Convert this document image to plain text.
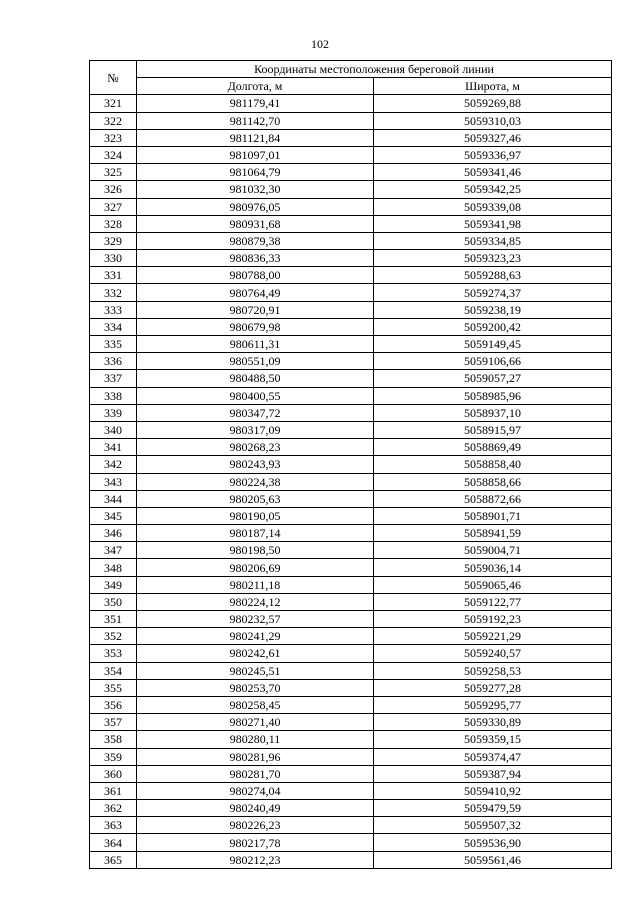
102
№	Координаты местоположения береговой линии	
	Долгота, м	Широта, м
321	981179,41	5059269,88
322	981142,70	5059310,03
323	981121,84	5059327,46
324	981097,01	5059336,97
325	981064,79	5059341,46
326	981032,30	5059342,25
327	980976,05	5059339,08
328	980931,68	5059341,98
329	980879,38	5059334,85
330	980836,33	5059323,23
331	980788,00	5059288,63
332	980764,49	5059274,37
333	980720,91	5059238,19
334	980679,98	5059200,42
335	980611,31	5059149,45
336	980551,09	5059106,66
337	980488,50	5059057,27
338	980400,55	5058985,96
339	980347,72	5058937,10
340	980317,09	5058915,97
341	980268,23	5058869,49
342	980243,93	5058858,40
343	980224,38	5058858,66
344	980205,63	5058872,66
345	980190,05	5058901,71
346	980187,14	5058941,59
347	980198,50	5059004,71
348	980206,69	5059036,14
349	980211,18	5059065,46
350	980224,12	5059122,77
351	980232,57	5059192,23
352	980241,29	5059221,29
353	980242,61	5059240,57
354	980245,51	5059258,53
355	980253,70	5059277,28
356	980258,45	5059295,77
357	980271,40	5059330,89
358	980280,11	5059359,15
359	980281,96	5059374,47
360	980281,70	5059387,94
361	980274,04	5059410,92
362	980240,49	5059479,59
363	980226,23	5059507,32
364	980217,78	5059536,90
365	980212,23	5059561,46
